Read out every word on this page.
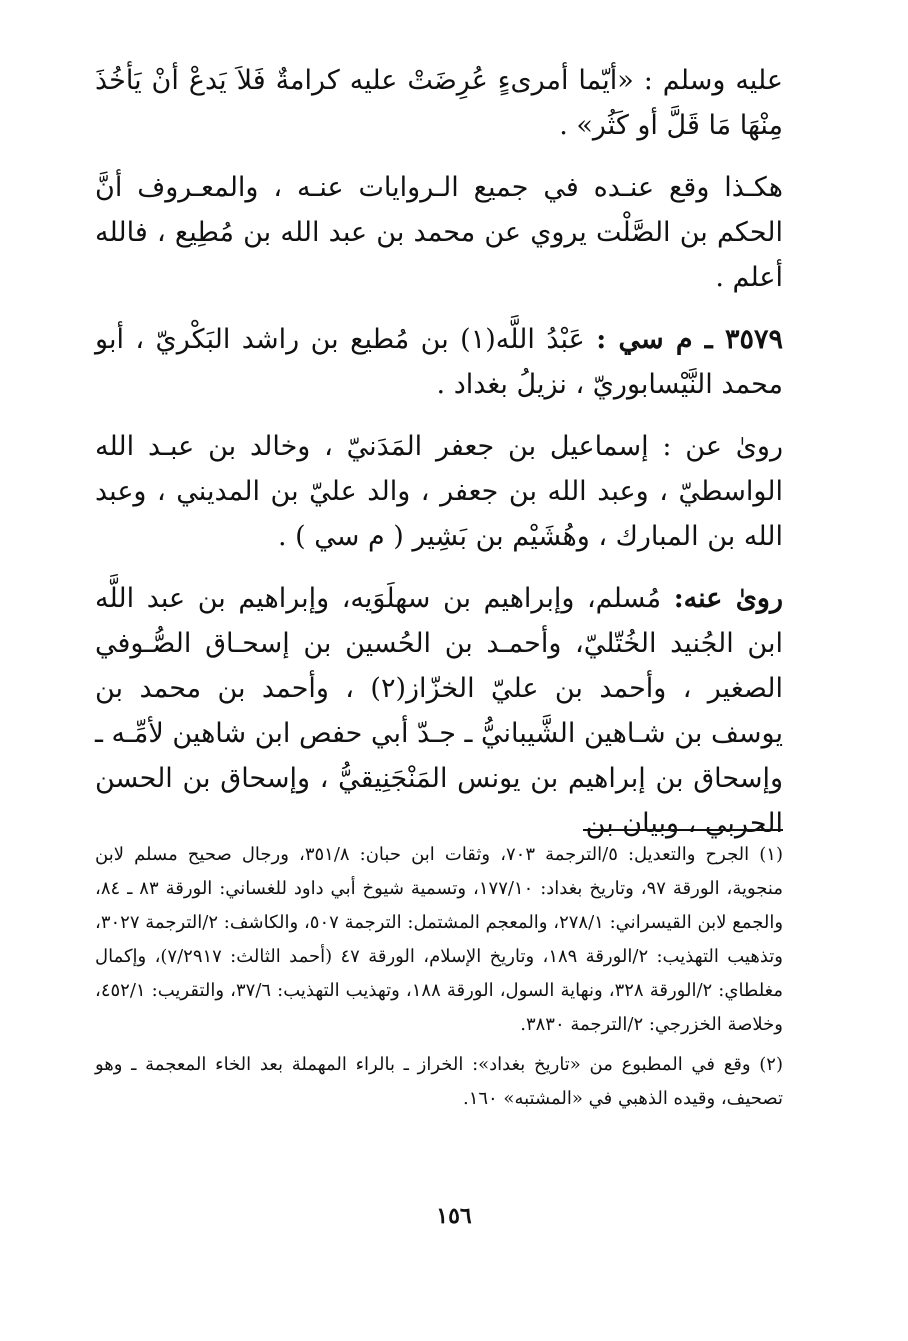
عليه وسلم : «أيّما أمرىءٍ عُرِضَتْ عليه كرامةٌ فَلاَ يَدعْ أنْ يَأخُذَ مِنْهَا مَا قَلَّ أو كَثُر» .

هكـذا وقع عنـده في جميع الـروايات عنـه ، والمعـروف أنَّ الحكم بن الصَّلْت يروي عن محمد بن عبد الله بن مُطِيع ، فالله أعلم .

٣٥٧٩ ـ م سي : عَبْدُ اللَّه(١) بن مُطيع بن راشد البَكْريّ ، أبو محمد النَّيْسابوريّ ، نزيلُ بغداد .

روىٰ عن : إسماعيل بن جعفر المَدَنيّ ، وخالد بن عبـد الله الواسطيّ ، وعبد الله بن جعفر ، والد عليّ بن المديني ، وعبد الله بن المبارك ، وهُشَيْم بن بَشِير ( م سي ) .

روىٰ عنه: مُسلم، وإبراهيم بن سهلَوَيه، وإبراهيم بن عبد اللَّه ابن الجُنيد الخُتّليّ، وأحمـد بن الحُسين بن إسحـاق الصُّـوفي الصغير ، وأحمد بن عليّ الخزّاز(٢) ، وأحمد بن محمد بن يوسف بن شـاهين الشَّيبانيُّ ـ جـدّ أبي حفص ابن شاهين لأمِّـه ـ وإسحاق بن إبراهيم بن يونس المَنْجَنِيقيُّ ، وإسحاق بن الحسن الحربي ، وبيان بن

(١) الجرح والتعديل: ٥/الترجمة ٧٠٣، وثقات ابن حبان: ٣٥١/٨، ورجال صحيح مسلم لابن منجوية، الورقة ٩٧، وتاريخ بغداد: ١٧٧/١٠، وتسمية شيوخ أبي داود للغساني: الورقة ٨٣ ـ ٨٤، والجمع لابن القيسراني: ٢٧٨/١، والمعجم المشتمل: الترجمة ٥٠٧، والكاشف: ٢/الترجمة ٣٠٢٧، وتذهيب التهذيب: ٢/الورقة ١٨٩، وتاريخ الإسلام، الورقة ٤٧ (أحمد الثالث: ٧/٢٩١٧)، وإكمال مغلطاي: ٢/الورقة ٣٢٨، ونهاية السول، الورقة ١٨٨، وتهذيب التهذيب: ٣٧/٦، والتقريب: ٤٥٢/١، وخلاصة الخزرجي: ٢/الترجمة ٣٨٣٠.

(٢) وقع في المطبوع من «تاريخ بغداد»: الخراز ـ بالراء المهملة بعد الخاء المعجمة ـ وهو تصحيف، وقيده الذهبي في «المشتبه» ١٦٠.

١٥٦
